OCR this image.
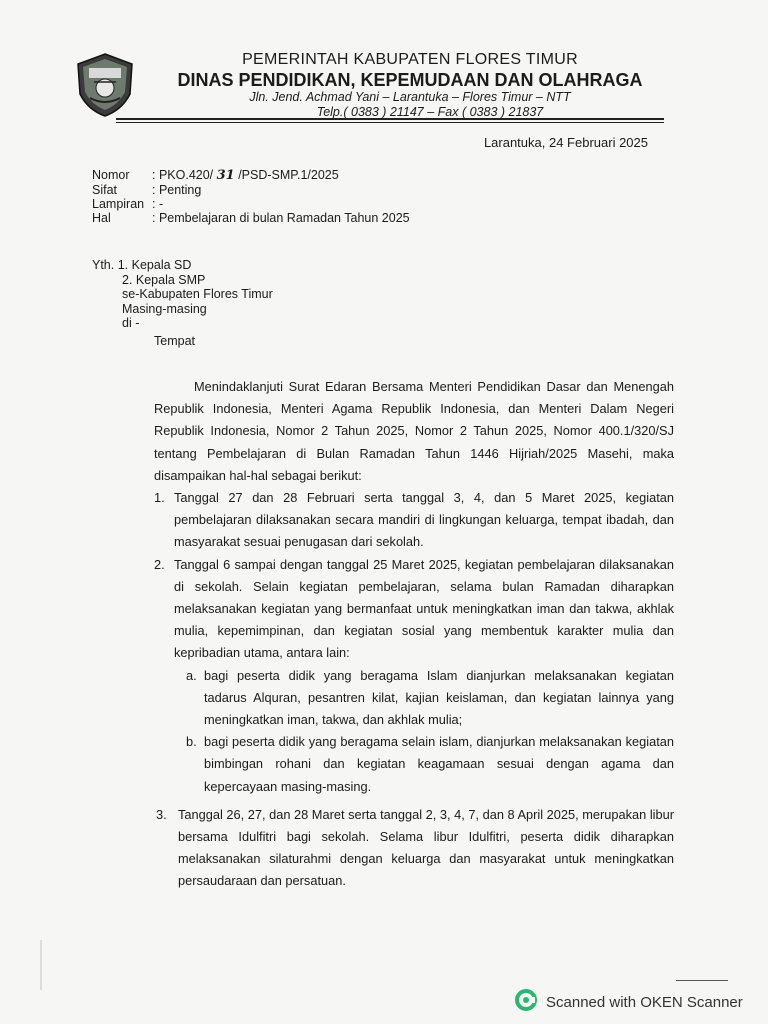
PEMERINTAH KABUPATEN FLORES TIMUR
DINAS PENDIDIKAN, KEPEMUDAAN DAN OLAHRAGA
Jln. Jend. Achmad Yani – Larantuka – Flores Timur – NTT
Telp.( 0383 ) 21147 – Fax ( 0383 ) 21837
Larantuka, 24 Februari 2025
Nomor	: PKO.420/ 31 /PSD-SMP.1/2025
Sifat	: Penting
Lampiran : -
Hal	: Pembelajaran di bulan Ramadan Tahun 2025
Yth. 1. Kepala SD
2. Kepala SMP
se-Kabupaten Flores Timur
Masing-masing
di -
Tempat
Menindaklanjuti Surat Edaran Bersama Menteri Pendidikan Dasar dan Menengah Republik Indonesia, Menteri Agama Republik Indonesia, dan Menteri Dalam Negeri Republik Indonesia, Nomor 2 Tahun 2025, Nomor 2 Tahun 2025, Nomor 400.1/320/SJ tentang Pembelajaran di Bulan Ramadan Tahun 1446 Hijriah/2025 Masehi, maka disampaikan hal-hal sebagai berikut:
1. Tanggal 27 dan 28 Februari serta tanggal 3, 4, dan 5 Maret 2025, kegiatan pembelajaran dilaksanakan secara mandiri di lingkungan keluarga, tempat ibadah, dan masyarakat sesuai penugasan dari sekolah.
2. Tanggal 6 sampai dengan tanggal 25 Maret 2025, kegiatan pembelajaran dilaksanakan di sekolah. Selain kegiatan pembelajaran, selama bulan Ramadan diharapkan melaksanakan kegiatan yang bermanfaat untuk meningkatkan iman dan takwa, akhlak mulia, kepemimpinan, dan kegiatan sosial yang membentuk karakter mulia dan kepribadian utama, antara lain:
a. bagi peserta didik yang beragama Islam dianjurkan melaksanakan kegiatan tadarus Alquran, pesantren kilat, kajian keislaman, dan kegiatan lainnya yang meningkatkan iman, takwa, dan akhlak mulia;
b. bagi peserta didik yang beragama selain islam, dianjurkan melaksanakan kegiatan bimbingan rohani dan kegiatan keagamaan sesuai dengan agama dan kepercayaan masing-masing.
3. Tanggal 26, 27, dan 28 Maret serta tanggal 2, 3, 4, 7, dan 8 April 2025, merupakan libur bersama Idulfitri bagi sekolah. Selama libur Idulfitri, peserta didik diharapkan melaksanakan silaturahmi dengan keluarga dan masyarakat untuk meningkatkan persaudaraan dan persatuan.
Scanned with OKEN Scanner
